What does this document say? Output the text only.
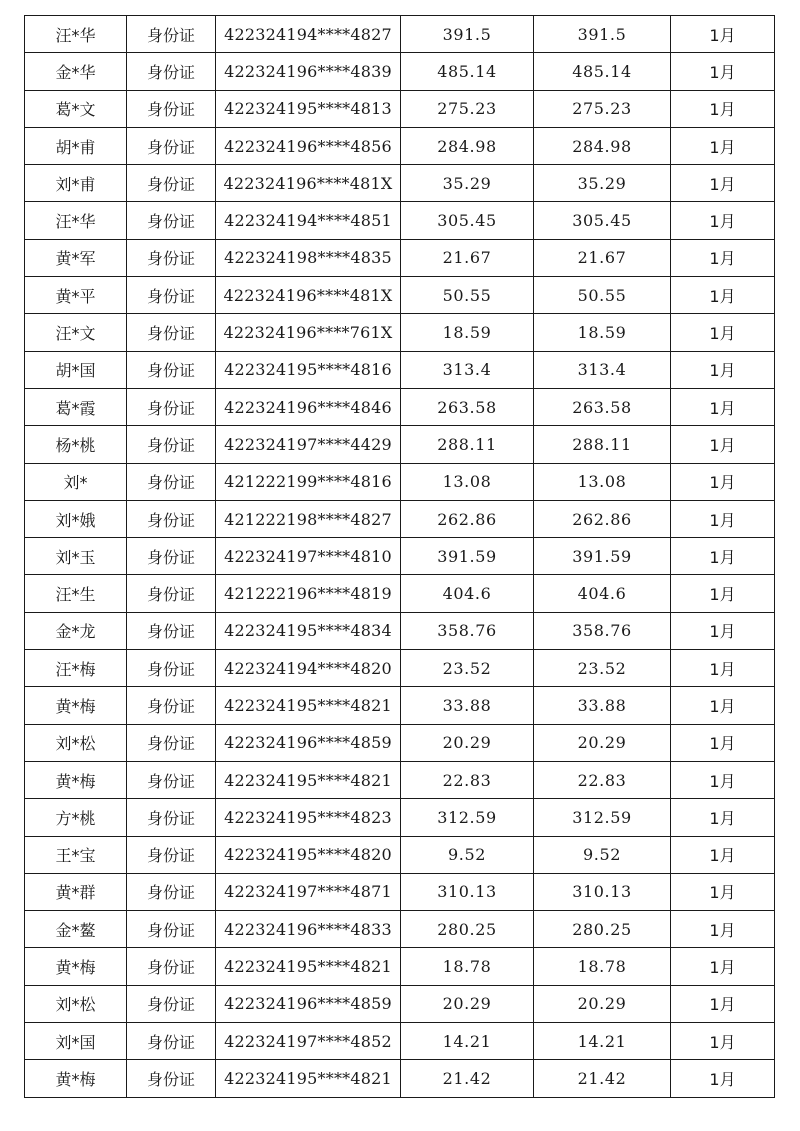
汪*华	身份证	422324194****4827	391.5	391.5	1月
金*华	身份证	422324196****4839	485.14	485.14	1月
葛*文	身份证	422324195****4813	275.23	275.23	1月
胡*甫	身份证	422324196****4856	284.98	284.98	1月
刘*甫	身份证	422324196****481X	35.29	35.29	1月
汪*华	身份证	422324194****4851	305.45	305.45	1月
黄*军	身份证	422324198****4835	21.67	21.67	1月
黄*平	身份证	422324196****481X	50.55	50.55	1月
汪*文	身份证	422324196****761X	18.59	18.59	1月
胡*国	身份证	422324195****4816	313.4	313.4	1月
葛*霞	身份证	422324196****4846	263.58	263.58	1月
杨*桃	身份证	422324197****4429	288.11	288.11	1月
刘*	身份证	421222199****4816	13.08	13.08	1月
刘*娥	身份证	421222198****4827	262.86	262.86	1月
刘*玉	身份证	422324197****4810	391.59	391.59	1月
汪*生	身份证	421222196****4819	404.6	404.6	1月
金*龙	身份证	422324195****4834	358.76	358.76	1月
汪*梅	身份证	422324194****4820	23.52	23.52	1月
黄*梅	身份证	422324195****4821	33.88	33.88	1月
刘*松	身份证	422324196****4859	20.29	20.29	1月
黄*梅	身份证	422324195****4821	22.83	22.83	1月
方*桃	身份证	422324195****4823	312.59	312.59	1月
王*宝	身份证	422324195****4820	9.52	9.52	1月
黄*群	身份证	422324197****4871	310.13	310.13	1月
金*鳌	身份证	422324196****4833	280.25	280.25	1月
黄*梅	身份证	422324195****4821	18.78	18.78	1月
刘*松	身份证	422324196****4859	20.29	20.29	1月
刘*国	身份证	422324197****4852	14.21	14.21	1月
黄*梅	身份证	422324195****4821	21.42	21.42	1月
